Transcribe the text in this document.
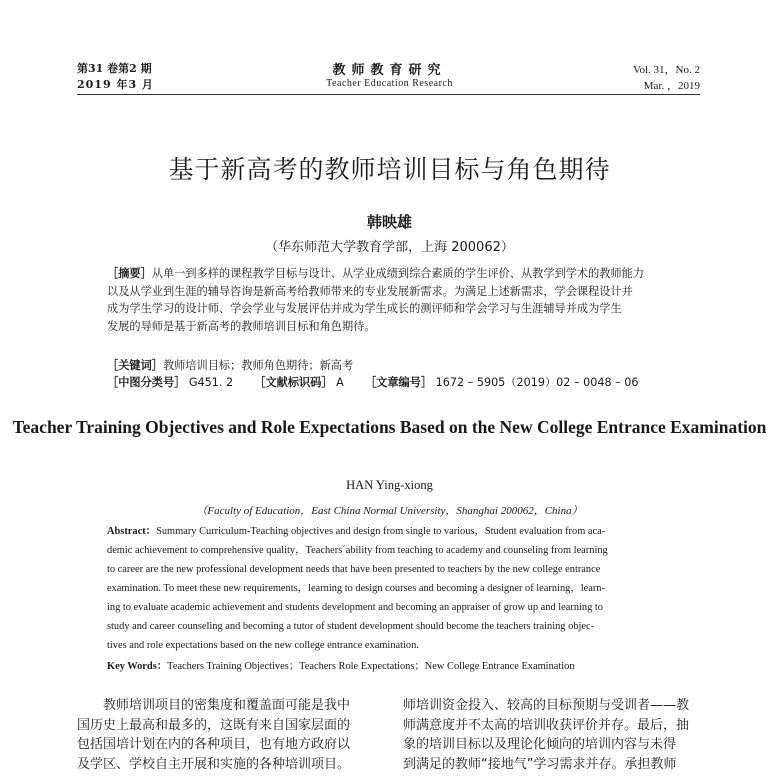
第31 卷第2 期
2019 年3 月
教师教育研究
Teacher Education Research
Vol. 31，No. 2
Mar. ，2019
基于新高考的教师培训目标与角色期待
韩映雄
（华东师范大学教育学部，上海 200062）
［摘要］从单一到多样的课程教学目标与设计、从学业成绩到综合素质的学生评价、从教学到学术的教师能力
以及从学业到生涯的辅导咨询是新高考给教师带来的专业发展新需求。为满足上述新需求，学会课程设计并
成为学生学习的设计师、学会学业与发展评估并成为学生成长的测评师和学会学习与生涯辅导并成为学生
发展的导师是基于新高考的教师培训目标和角色期待。
［关键词］教师培训目标；教师角色期待；新高考
［中图分类号］ G451. 2 ［文献标识码］ A ［文章编号］ 1672 – 5905（2019）02 – 0048 – 06
Teacher Training Objectives and Role Expectations Based on the New College Entrance Examination
HAN Ying-xiong
（Faculty of Education，East China Normal University，Shanghai 200062，China）
Abstract：Summary Curriculum-Teaching objectives and design from single to various，Student evaluation from aca-
demic achievement to comprehensive quality，Teachers´ability from teaching to academy and counseling from learning
to career are the new professional development needs that have been presented to teachers by the new college entrance
examination. To meet these new requirements，learning to design courses and becoming a designer of learning，learn-
ing to evaluate academic achievement and students development and becoming an appraiser of grow up and learning to
study and career counseling and becoming a tutor of student development should become the teachers training objec-
tives and role expectations based on the new college entrance examination.
Key Words：Teachers Training Objectives；Teachers Role Expectations；New College Entrance Examination
　　教师培训项目的密集度和覆盖面可能是我中
国历史上最高和最多的，这既有来自国家层面的
包括国培计划在内的各种项目，也有地方政府以
及学区、学校自主开展和实施的各种培训项目。
师培训资金投入、较高的目标预期与受训者——教
师满意度并不太高的培训收获评价并存。最后，抽
象的培训目标以及理论化倾向的培训内容与未得
到满足的教师“接地气”学习需求并存。承担教师
